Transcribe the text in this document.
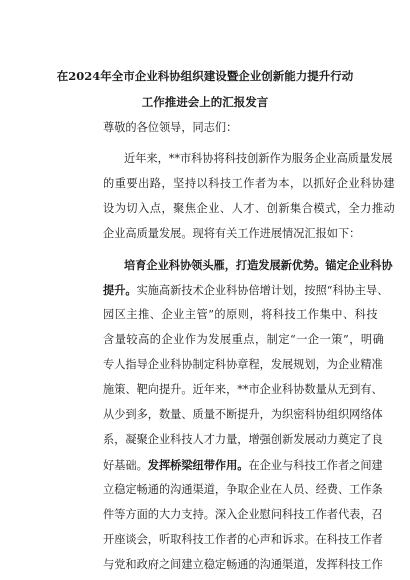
在2024年全市企业科协组织建设暨企业创新能力提升行动
工作推进会上的汇报发言
尊敬的各位领导，同志们：
近年来，**市科协将科技创新作为服务企业高质量发展
的重要出路，坚持以科技工作者为本，以抓好企业科协建
设为切入点，聚焦企业、人才、创新集合模式，全力推动
企业高质量发展。现将有关工作进展情况汇报如下：
培育企业科协领头雁，打造发展新优势。锚定企业科协
提升。实施高新技术企业科协倍增计划，按照“科协主导、
园区主推、企业主管”的原则，将科技工作集中、科技
含量较高的企业作为发展重点，制定“一企一策”，明确
专人指导企业科协制定科协章程，发展规划，为企业精准
施策、靶向提升。近年来，**市企业科协数量从无到有、
从少到多，数量、质量不断提升，为织密科协组织网络体
系，凝聚企业科技人才力量，增强创新发展动力奠定了良
好基础。发挥桥梁纽带作用。在企业与科技工作者之间建
立稳定畅通的沟通渠道，争取企业在人员、经费、工作条
件等方面的大力支持。深入企业慰问科技工作者代表，召
开座谈会，听取科技工作者的心声和诉求。在科技工作者
与党和政府之间建立稳定畅通的沟通渠道，发挥科技工作
